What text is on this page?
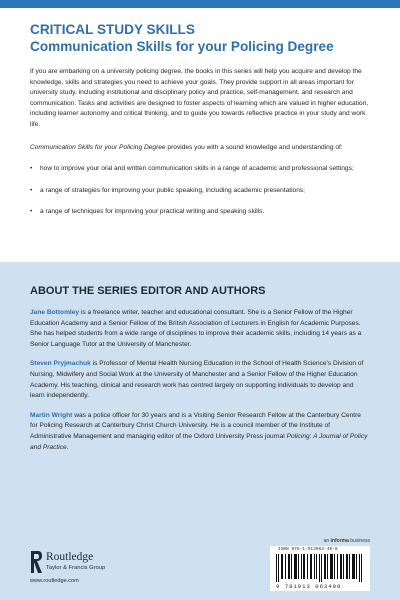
CRITICAL STUDY SKILLS
Communication Skills for your Policing Degree

If you are embarking on a university policing degree, the books in this series will help you acquire and develop the knowledge, skills and strategies you need to achieve your goals. They provide support in all areas important for university study, including institutional and disciplinary policy and practice, self-management, and research and communication. Tasks and activities are designed to foster aspects of learning which are valued in higher education, including learner autonomy and critical thinking, and to guide you towards reflective practice in your study and work life.

Communication Skills for your Policing Degree provides you with a sound knowledge and understanding of:

• how to improve your oral and written communication skills in a range of academic and professional settings;
• a range of strategies for improving your public speaking, including academic presentations;
• a range of techniques for improving your practical writing and speaking skills.
ABOUT THE SERIES EDITOR AND AUTHORS

Jane Bottomley is a freelance writer, teacher and educational consultant. She is a Senior Fellow of the Higher Education Academy and a Senior Fellow of the British Association of Lecturers in English for Academic Purposes. She has helped students from a wide range of disciplines to improve their academic skills, including 14 years as a Senior Language Tutor at the University of Manchester.

Steven Pryjmachuk is Professor of Mental Health Nursing Education in the School of Health Science’s Division of Nursing, Midwifery and Social Work at the University of Manchester and a Senior Fellow of the Higher Education Academy. His teaching, clinical and research work has centred largely on supporting individuals to develop and learn independently.

Martin Wright was a police officer for 30 years and is a Visiting Senior Research Fellow at the Canterbury Centre for Policing Research at Canterbury Christ Church University. He is a council member of the Institute of Administrative Management and managing editor of the Oxford University Press journal Policing: A Journal of Policy and Practice.

an informa business
ISBN 978-1-913063-49-8
9 781913 063498
Routledge
Taylor & Francis Group
www.routledge.com
